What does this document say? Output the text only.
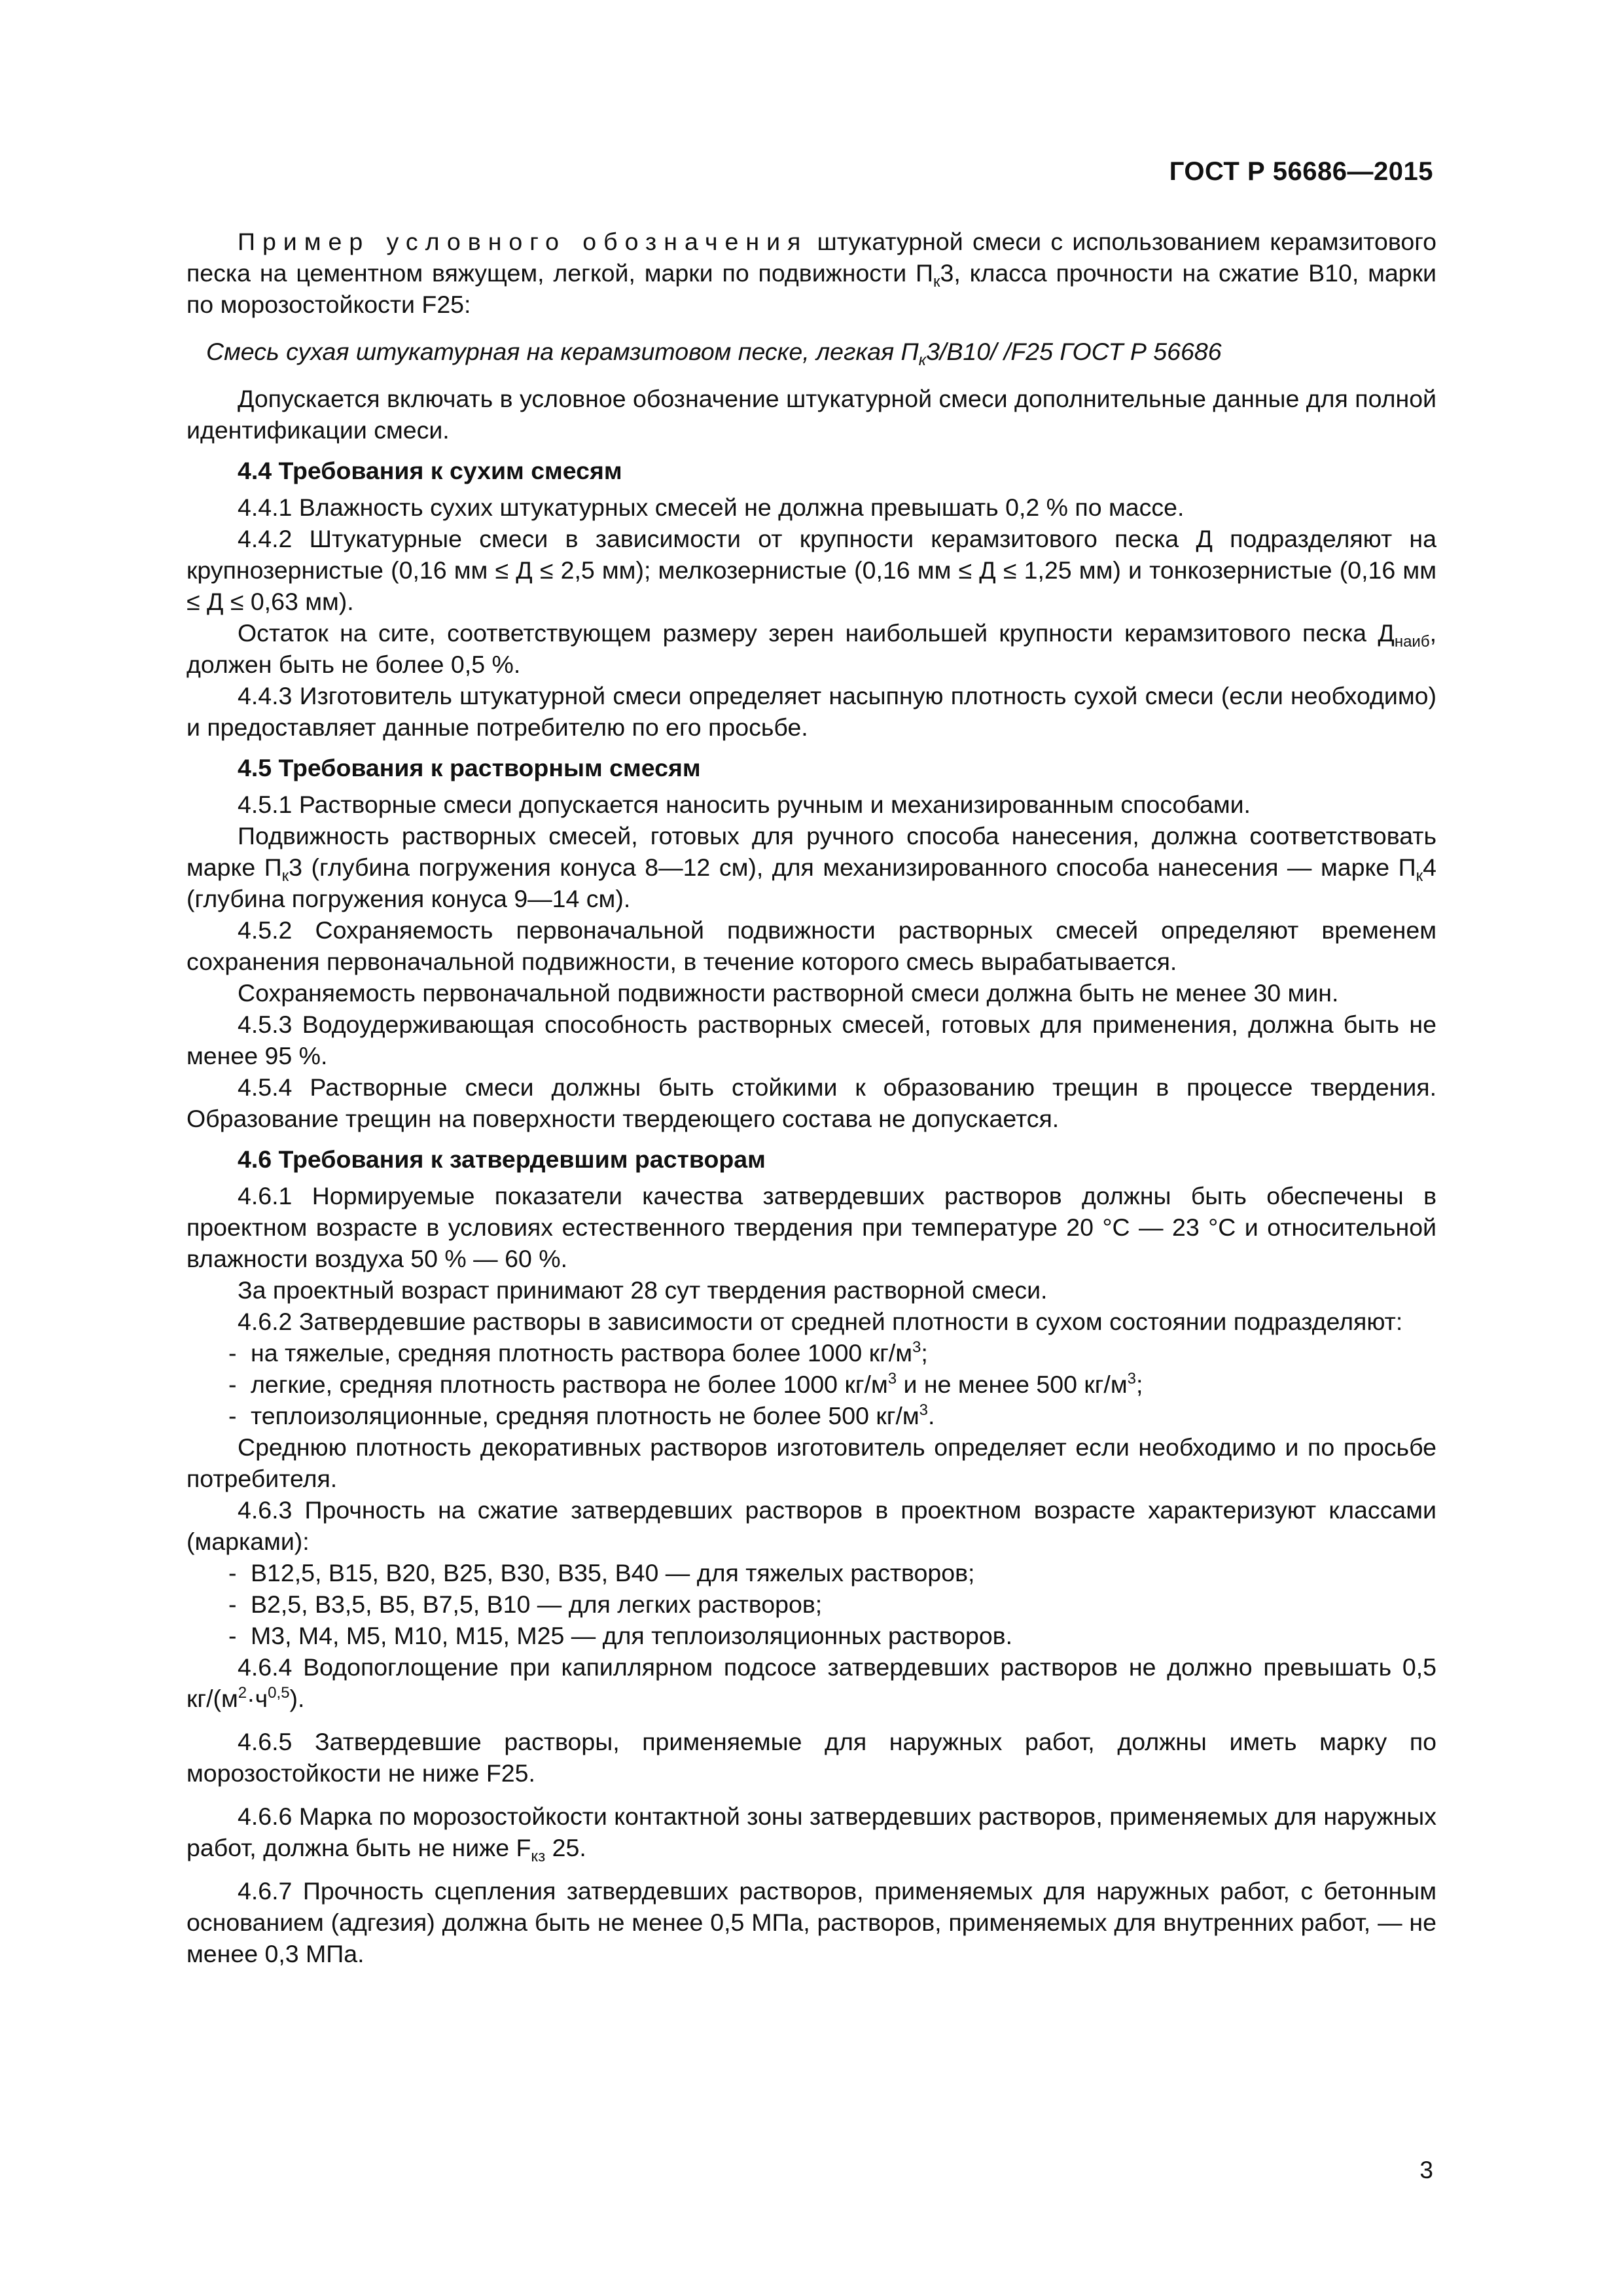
ГОСТ Р 56686—2015

Пример условного обозначения штукатурной смеси с использованием керамзитового песка на цементном вяжущем, легкой, марки по подвижности $П_к3$, класса прочности на сжатие В10, марки по морозостойкости F25:

Смесь сухая штукатурная на керамзитовом песке, легкая $П_к3/B10/$ /F25 ГОСТ Р 56686

Допускается включать в условное обозначение штукатурной смеси дополнительные данные для полной идентификации смеси.

4.4 Требования к сухим смесям

4.4.1 Влажность сухих штукатурных смесей не должна превышать 0,2 % по массе.

4.4.2 Штукатурные смеси в зависимости от крупности керамзитового песка Д подразделяют на крупнозернистые (0,16 мм ≤ Д ≤ 2,5 мм); мелкозернистые (0,16 мм ≤ Д ≤ 1,25 мм) и тонкозернистые (0,16 мм ≤ Д ≤ 0,63 мм).

Остаток на сите, соответствующем размеру зерен наибольшей крупности керамзитового песка $Д_{наиб}$, должен быть не более 0,5 %.

4.4.3 Изготовитель штукатурной смеси определяет насыпную плотность сухой смеси (если необходимо) и предоставляет данные потребителю по его просьбе.

4.5 Требования к растворным смесям

4.5.1 Растворные смеси допускается наносить ручным и механизированным способами.

Подвижность растворных смесей, готовых для ручного способа нанесения, должна соответствовать марке $П_к3$ (глубина погружения конуса 8—12 см), для механизированного способа нанесения — марке $П_к4$ (глубина погружения конуса 9—14 см).

4.5.2 Сохраняемость первоначальной подвижности растворных смесей определяют временем сохранения первоначальной подвижности, в течение которого смесь вырабатывается.

Сохраняемость первоначальной подвижности растворной смеси должна быть не менее 30 мин.

4.5.3 Водоудерживающая способность растворных смесей, готовых для применения, должна быть не менее 95 %.

4.5.4 Растворные смеси должны быть стойкими к образованию трещин в процессе твердения. Образование трещин на поверхности твердеющего состава не допускается.

4.6 Требования к затвердевшим растворам

4.6.1 Нормируемые показатели качества затвердевших растворов должны быть обеспечены в проектном возрасте в условиях естественного твердения при температуре 20 °С — 23 °С и относительной влажности воздуха 50 % — 60 %.

За проектный возраст принимают 28 сут твердения растворной смеси.

4.6.2 Затвердевшие растворы в зависимости от средней плотности в сухом состоянии подразделяют:

- на тяжелые, средняя плотность раствора более 1000 $кг/м^3$;

- легкие, средняя плотность раствора не более 1000 $кг/м^3$ и не менее 500 $кг/м^3$;

- теплоизоляционные, средняя плотность не более 500 $кг/м^3$.

Среднюю плотность декоративных растворов изготовитель определяет если необходимо и по просьбе потребителя.

4.6.3 Прочность на сжатие затвердевших растворов в проектном возрасте характеризуют классами (марками):

- В12,5, В15, В20, В25, В30, В35, В40 — для тяжелых растворов;

- В2,5, В3,5, В5, В7,5, В10 — для легких растворов;

- М3, М4, М5, М10, М15, М25 — для теплоизоляционных растворов.

4.6.4 Водопоглощение при капиллярном подсосе затвердевших растворов не должно превышать 0,5 $кг/(м^2\cdot ч^{0,5})$.

4.6.5 Затвердевшие растворы, применяемые для наружных работ, должны иметь марку по морозостойкости не ниже F25.

4.6.6 Марка по морозостойкости контактной зоны затвердевших растворов, применяемых для наружных работ, должна быть не ниже $F_{кз}$ 25.

4.6.7 Прочность сцепления затвердевших растворов, применяемых для наружных работ, с бетонным основанием (адгезия) должна быть не менее 0,5 МПа, растворов, применяемых для внутренних работ, — не менее 0,3 МПа.

3
